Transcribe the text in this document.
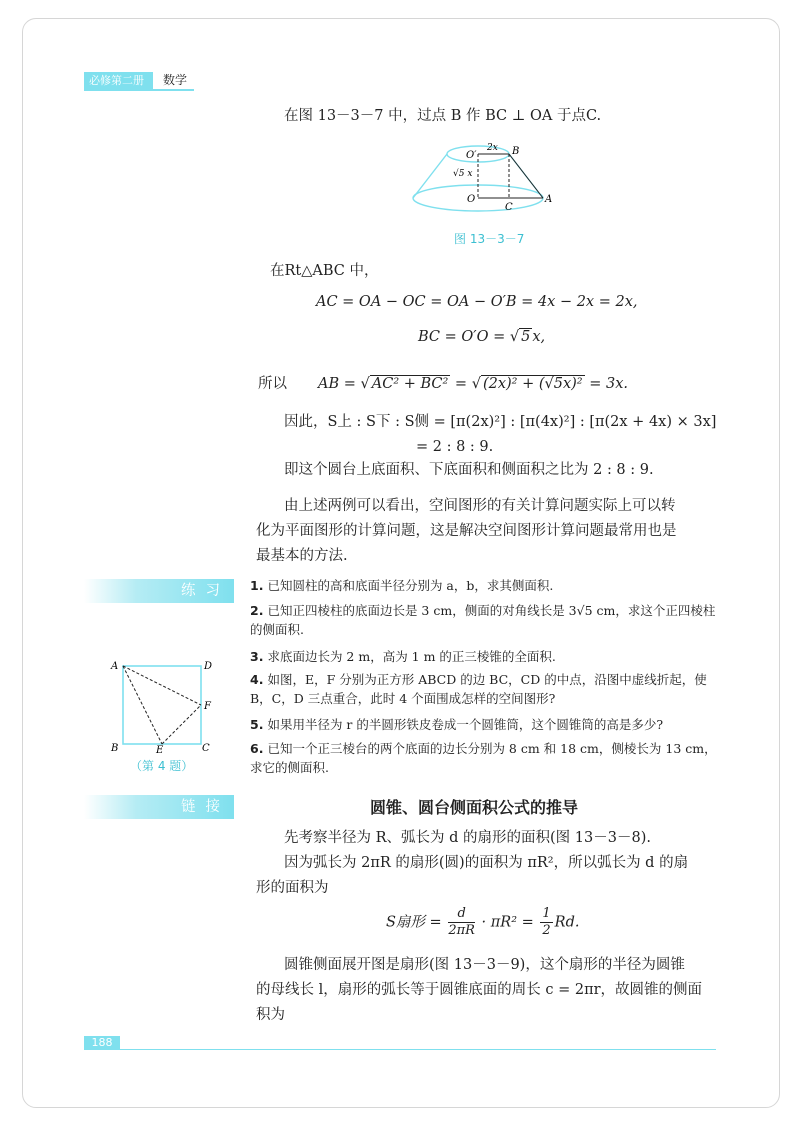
必修第二册	数学
在图 13－3－7 中，过点 B 作 BC ⊥ OA 于点C.
O′	B
2x
√5 x
O
C
A
图 13－3－7
在Rt△ABC 中，
AC = OA − OC = OA − O′B = 4x − 2x = 2x,
BC = O′O = √ 5 x,
所以 AB = √ AC² + BC² = √ (2x)² + (√5x)² = 3x.
因此，S上 : S下 : S侧 = [π(2x)²] : [π(4x)²] : [π(2x + 4x) × 3x]
= 2 : 8 : 9.
即这个圆台上底面积、下底面积和侧面积之比为 2 : 8 : 9.
由上述两例可以看出，空间图形的有关计算问题实际上可以转
化为平面图形的计算问题，这是解决空间图形计算问题最常用也是
最基本的方法.
练习	1. 已知圆柱的高和底面半径分别为 a，b，求其侧面积.
2. 已知正四棱柱的底面边长是 3 cm，侧面的对角线长是 3√5 cm，求这个正四棱柱的侧面积.
3. 求底面边长为 2 m，高为 1 m 的正三棱锥的全面积.
4. 如图，E，F 分别为正方形 ABCD 的边 BC，CD 的中点，沿图中虚线折起，使 B，C，D 三点重合，此时 4 个面围成怎样的空间图形?
5. 如果用半径为 r 的半圆形铁皮卷成一个圆锥筒，这个圆锥筒的高是多少?
6. 已知一个正三棱台的两个底面的边长分别为 8 cm 和 18 cm，侧棱长为 13 cm，求它的侧面积.
A	D
F
B	E	C
（第 4 题）
链接	圆锥、圆台侧面积公式的推导
先考察半径为 R、弧长为 d 的扇形的面积(图 13－3－8).
因为弧长为 2πR 的扇形(圆)的面积为 πR²，所以弧长为 d 的扇
形的面积为
S扇形 = $\frac{d}{2\pi R} \cdot \pi R^2 = \frac{1}{2} Rd$.
圆锥侧面展开图是扇形(图 13－3－9)，这个扇形的半径为圆锥
的母线长 l，扇形的弧长等于圆锥底面的周长 c = 2πr，故圆锥的侧面
积为
188
